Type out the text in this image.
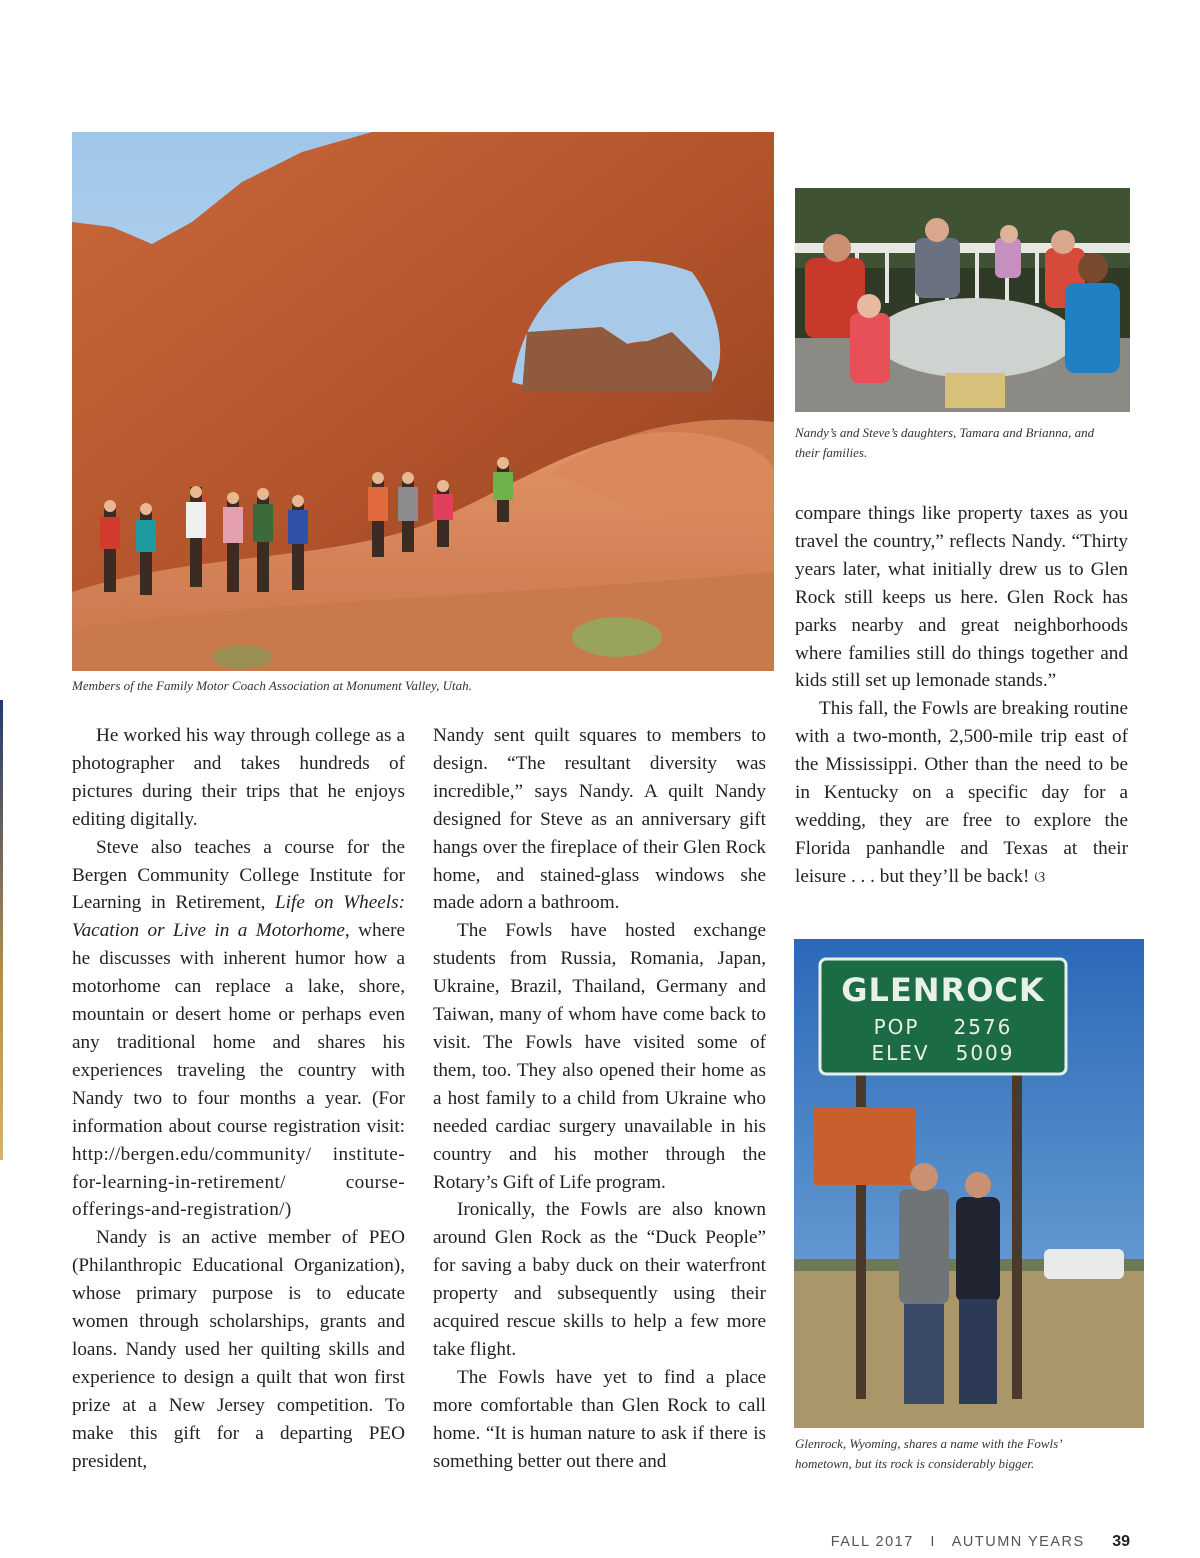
Members of the Family Motor Coach Association at Monument Valley, Utah.

Nandy’s and Steve’s daughters, Tamara and Brianna, and their families.

GLENROCK
POP 2576
ELEV 5009

Glenrock, Wyoming, shares a name with the Fowls’ hometown, but its rock is considerably bigger.

He worked his way through college as a photographer and takes hundreds of pictures during their trips that he enjoys editing digitally.

Steve also teaches a course for the Bergen Community College Institute for Learning in Retirement, Life on Wheels: Vacation or Live in a Motorhome, where he discusses with inherent humor how a motorhome can replace a lake, shore, mountain or desert home or perhaps even any traditional home and shares his experiences traveling the country with Nandy two to four months a year. (For information about course registration visit: http://bergen.edu/community/ institute-for-learning-in-retirement/ course-offerings-and-registration/)

Nandy is an active member of PEO (Philanthropic Educational Organization), whose primary purpose is to educate women through scholarships, grants and loans. Nandy used her quilting skills and experience to design a quilt that won first prize at a New Jersey competition. To make this gift for a departing PEO president,

Nandy sent quilt squares to members to design. “The resultant diversity was incredible,” says Nandy. A quilt Nandy designed for Steve as an anniversary gift hangs over the fireplace of their Glen Rock home, and stained-glass windows she made adorn a bathroom.

The Fowls have hosted exchange students from Russia, Romania, Japan, Ukraine, Brazil, Thailand, Germany and Taiwan, many of whom have come back to visit. The Fowls have visited some of them, too. They also opened their home as a host family to a child from Ukraine who needed cardiac surgery unavailable in his country and his mother through the Rotary’s Gift of Life program.

Ironically, the Fowls are also known around Glen Rock as the “Duck People” for saving a baby duck on their waterfront property and subsequently using their acquired rescue skills to help a few more take flight.

The Fowls have yet to find a place more comfortable than Glen Rock to call home. “It is human nature to ask if there is something better out there and

compare things like property taxes as you travel the country,” reflects Nandy. “Thirty years later, what initially drew us to Glen Rock still keeps us here. Glen Rock has parks nearby and great neighborhoods where families still do things together and kids still set up lemonade stands.”

This fall, the Fowls are breaking routine with a two-month, 2,500-mile trip east of the Mississippi. Other than the need to be in Kentucky on a specific day for a wedding, they are free to explore the Florida panhandle and Texas at their leisure . . . but they’ll be back! ଓ

FALL 2017 I AUTUMN YEARS 39
